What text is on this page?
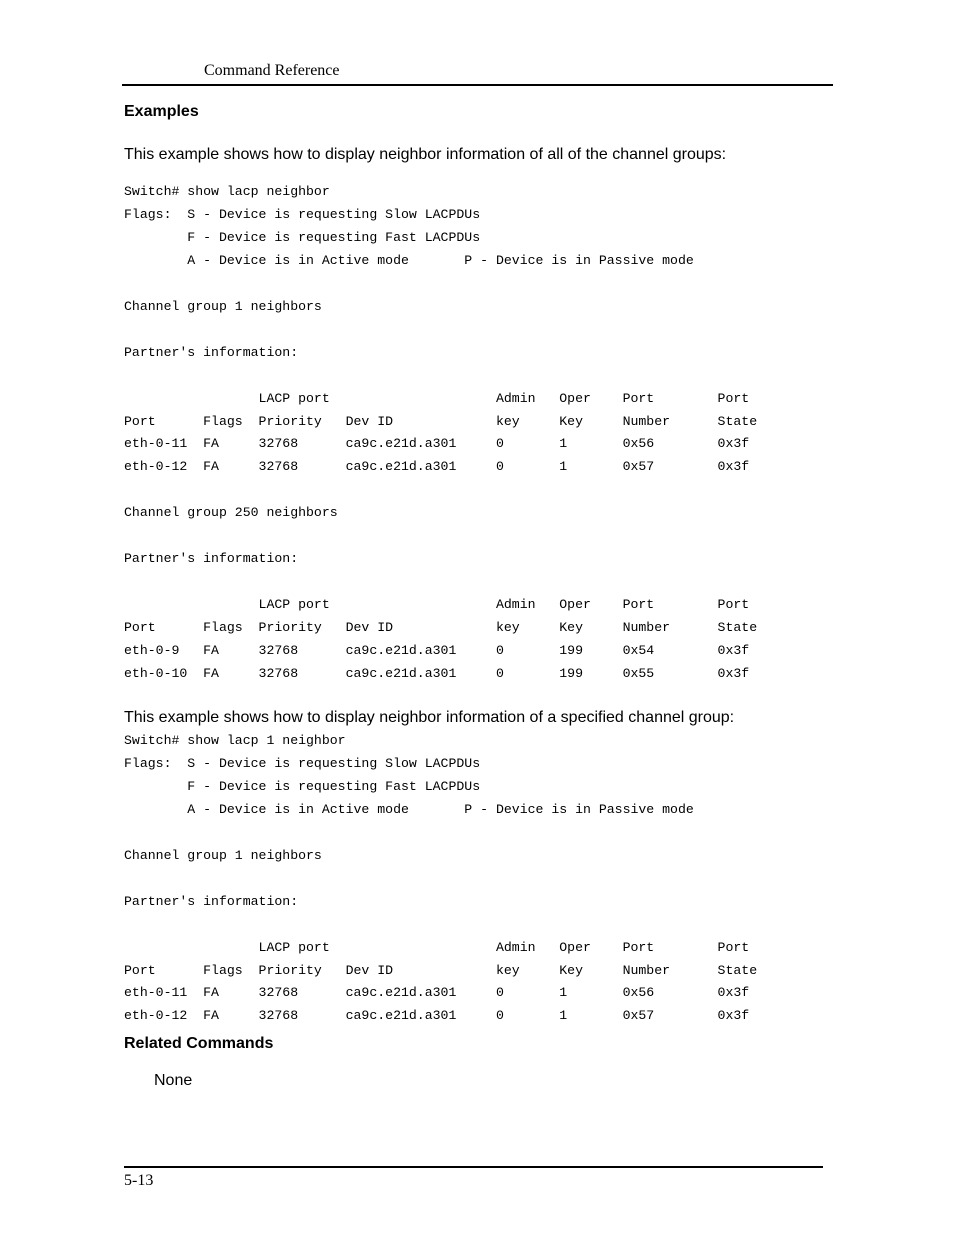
Command Reference
Examples
This example shows how to display neighbor information of all of the channel groups:
Switch# show lacp neighbor
Flags:  S - Device is requesting Slow LACPDUs
F - Device is requesting Fast LACPDUs
A - Device is in Active mode       P - Device is in Passive mode

Channel group 1 neighbors

Partner's information:

LACP port                     Admin   Oper    Port        Port
Port      Flags  Priority   Dev ID             key     Key     Number      State
eth-0-11  FA     32768      ca9c.e21d.a301     0       1       0x56        0x3f
eth-0-12  FA     32768      ca9c.e21d.a301     0       1       0x57        0x3f

Channel group 250 neighbors

Partner's information:

LACP port                     Admin   Oper    Port        Port
Port      Flags  Priority   Dev ID             key     Key     Number      State
eth-0-9   FA     32768      ca9c.e21d.a301     0       199     0x54        0x3f
eth-0-10  FA     32768      ca9c.e21d.a301     0       199     0x55        0x3f
This example shows how to display neighbor information of a specified channel group:
Switch# show lacp 1 neighbor
Flags:  S - Device is requesting Slow LACPDUs
F - Device is requesting Fast LACPDUs
A - Device is in Active mode       P - Device is in Passive mode

Channel group 1 neighbors

Partner's information:

LACP port                     Admin   Oper    Port        Port
Port      Flags  Priority   Dev ID             key     Key     Number      State
eth-0-11  FA     32768      ca9c.e21d.a301     0       1       0x56        0x3f
eth-0-12  FA     32768      ca9c.e21d.a301     0       1       0x57        0x3f
Related Commands
None
5-13
